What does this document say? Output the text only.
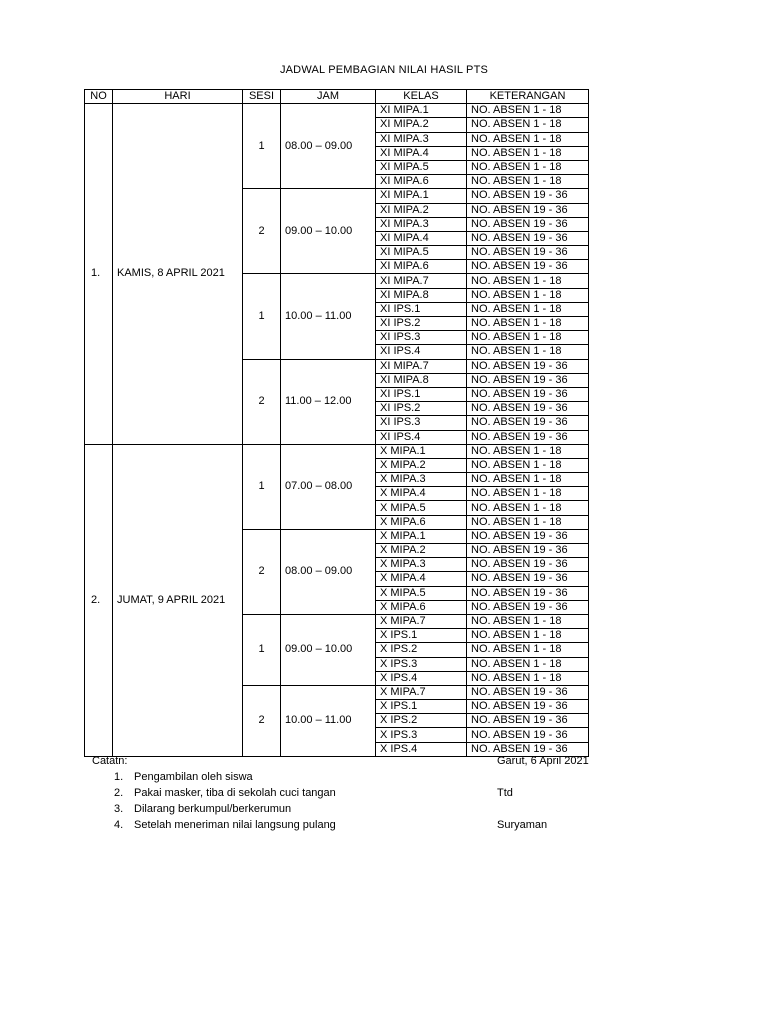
JADWAL PEMBAGIAN NILAI HASIL PTS
NO	HARI	SESI	JAM	KELAS	KETERANGAN
1.	KAMIS, 8 APRIL 2021	1	08.00 – 09.00	XI MIPA.1	NO. ABSEN 1 - 18
				XI MIPA.2	NO. ABSEN 1 - 18
				XI MIPA.3	NO. ABSEN 1 - 18
				XI MIPA.4	NO. ABSEN 1 - 18
				XI MIPA.5	NO. ABSEN 1 - 18
				XI MIPA.6	NO. ABSEN 1 - 18
		2	09.00 – 10.00	XI MIPA.1	NO. ABSEN 19 - 36
				XI MIPA.2	NO. ABSEN 19 - 36
				XI MIPA.3	NO. ABSEN 19 - 36
				XI MIPA.4	NO. ABSEN 19 - 36
				XI MIPA.5	NO. ABSEN 19 - 36
				XI MIPA.6	NO. ABSEN 19 - 36
		1	10.00 – 11.00	XI MIPA.7	NO. ABSEN 1 - 18
				XI MIPA.8	NO. ABSEN 1 - 18
				XI IPS.1	NO. ABSEN 1 - 18
				XI IPS.2	NO. ABSEN 1 - 18
				XI IPS.3	NO. ABSEN 1 - 18
				XI IPS.4	NO. ABSEN 1 - 18
		2	11.00 – 12.00	XI MIPA.7	NO. ABSEN 19 - 36
				XI MIPA.8	NO. ABSEN 19 - 36
				XI IPS.1	NO. ABSEN 19 - 36
				XI IPS.2	NO. ABSEN 19 - 36
				XI IPS.3	NO. ABSEN 19 - 36
				XI IPS.4	NO. ABSEN 19 - 36
2.	JUMAT, 9 APRIL 2021	1	07.00 – 08.00	X MIPA.1	NO. ABSEN 1 - 18
				X MIPA.2	NO. ABSEN 1 - 18
				X MIPA.3	NO. ABSEN 1 - 18
				X MIPA.4	NO. ABSEN 1 - 18
				X MIPA.5	NO. ABSEN 1 - 18
				X MIPA.6	NO. ABSEN 1 - 18
		2	08.00 – 09.00	X MIPA.1	NO. ABSEN 19 - 36
				X MIPA.2	NO. ABSEN 19 - 36
				X MIPA.3	NO. ABSEN 19 - 36
				X MIPA.4	NO. ABSEN 19 - 36
				X MIPA.5	NO. ABSEN 19 - 36
				X MIPA.6	NO. ABSEN 19 - 36
		1	09.00 – 10.00	X MIPA.7	NO. ABSEN 1 - 18
				X IPS.1	NO. ABSEN 1 - 18
				X IPS.2	NO. ABSEN 1 - 18
				X IPS.3	NO. ABSEN 1 - 18
				X IPS.4	NO. ABSEN 1 - 18
		2	10.00 – 11.00	X MIPA.7	NO. ABSEN 19 - 36
				X IPS.1	NO. ABSEN 19 - 36
				X IPS.2	NO. ABSEN 19 - 36
				X IPS.3	NO. ABSEN 19 - 36
				X IPS.4	NO. ABSEN 19 - 36
Catatn:
1. Pengambilan oleh siswa
2. Pakai masker, tiba di sekolah cuci tangan
3. Dilarang berkumpul/berkerumun
4. Setelah meneriman nilai langsung pulang
Garut, 6 April 2021
Ttd
Suryaman
